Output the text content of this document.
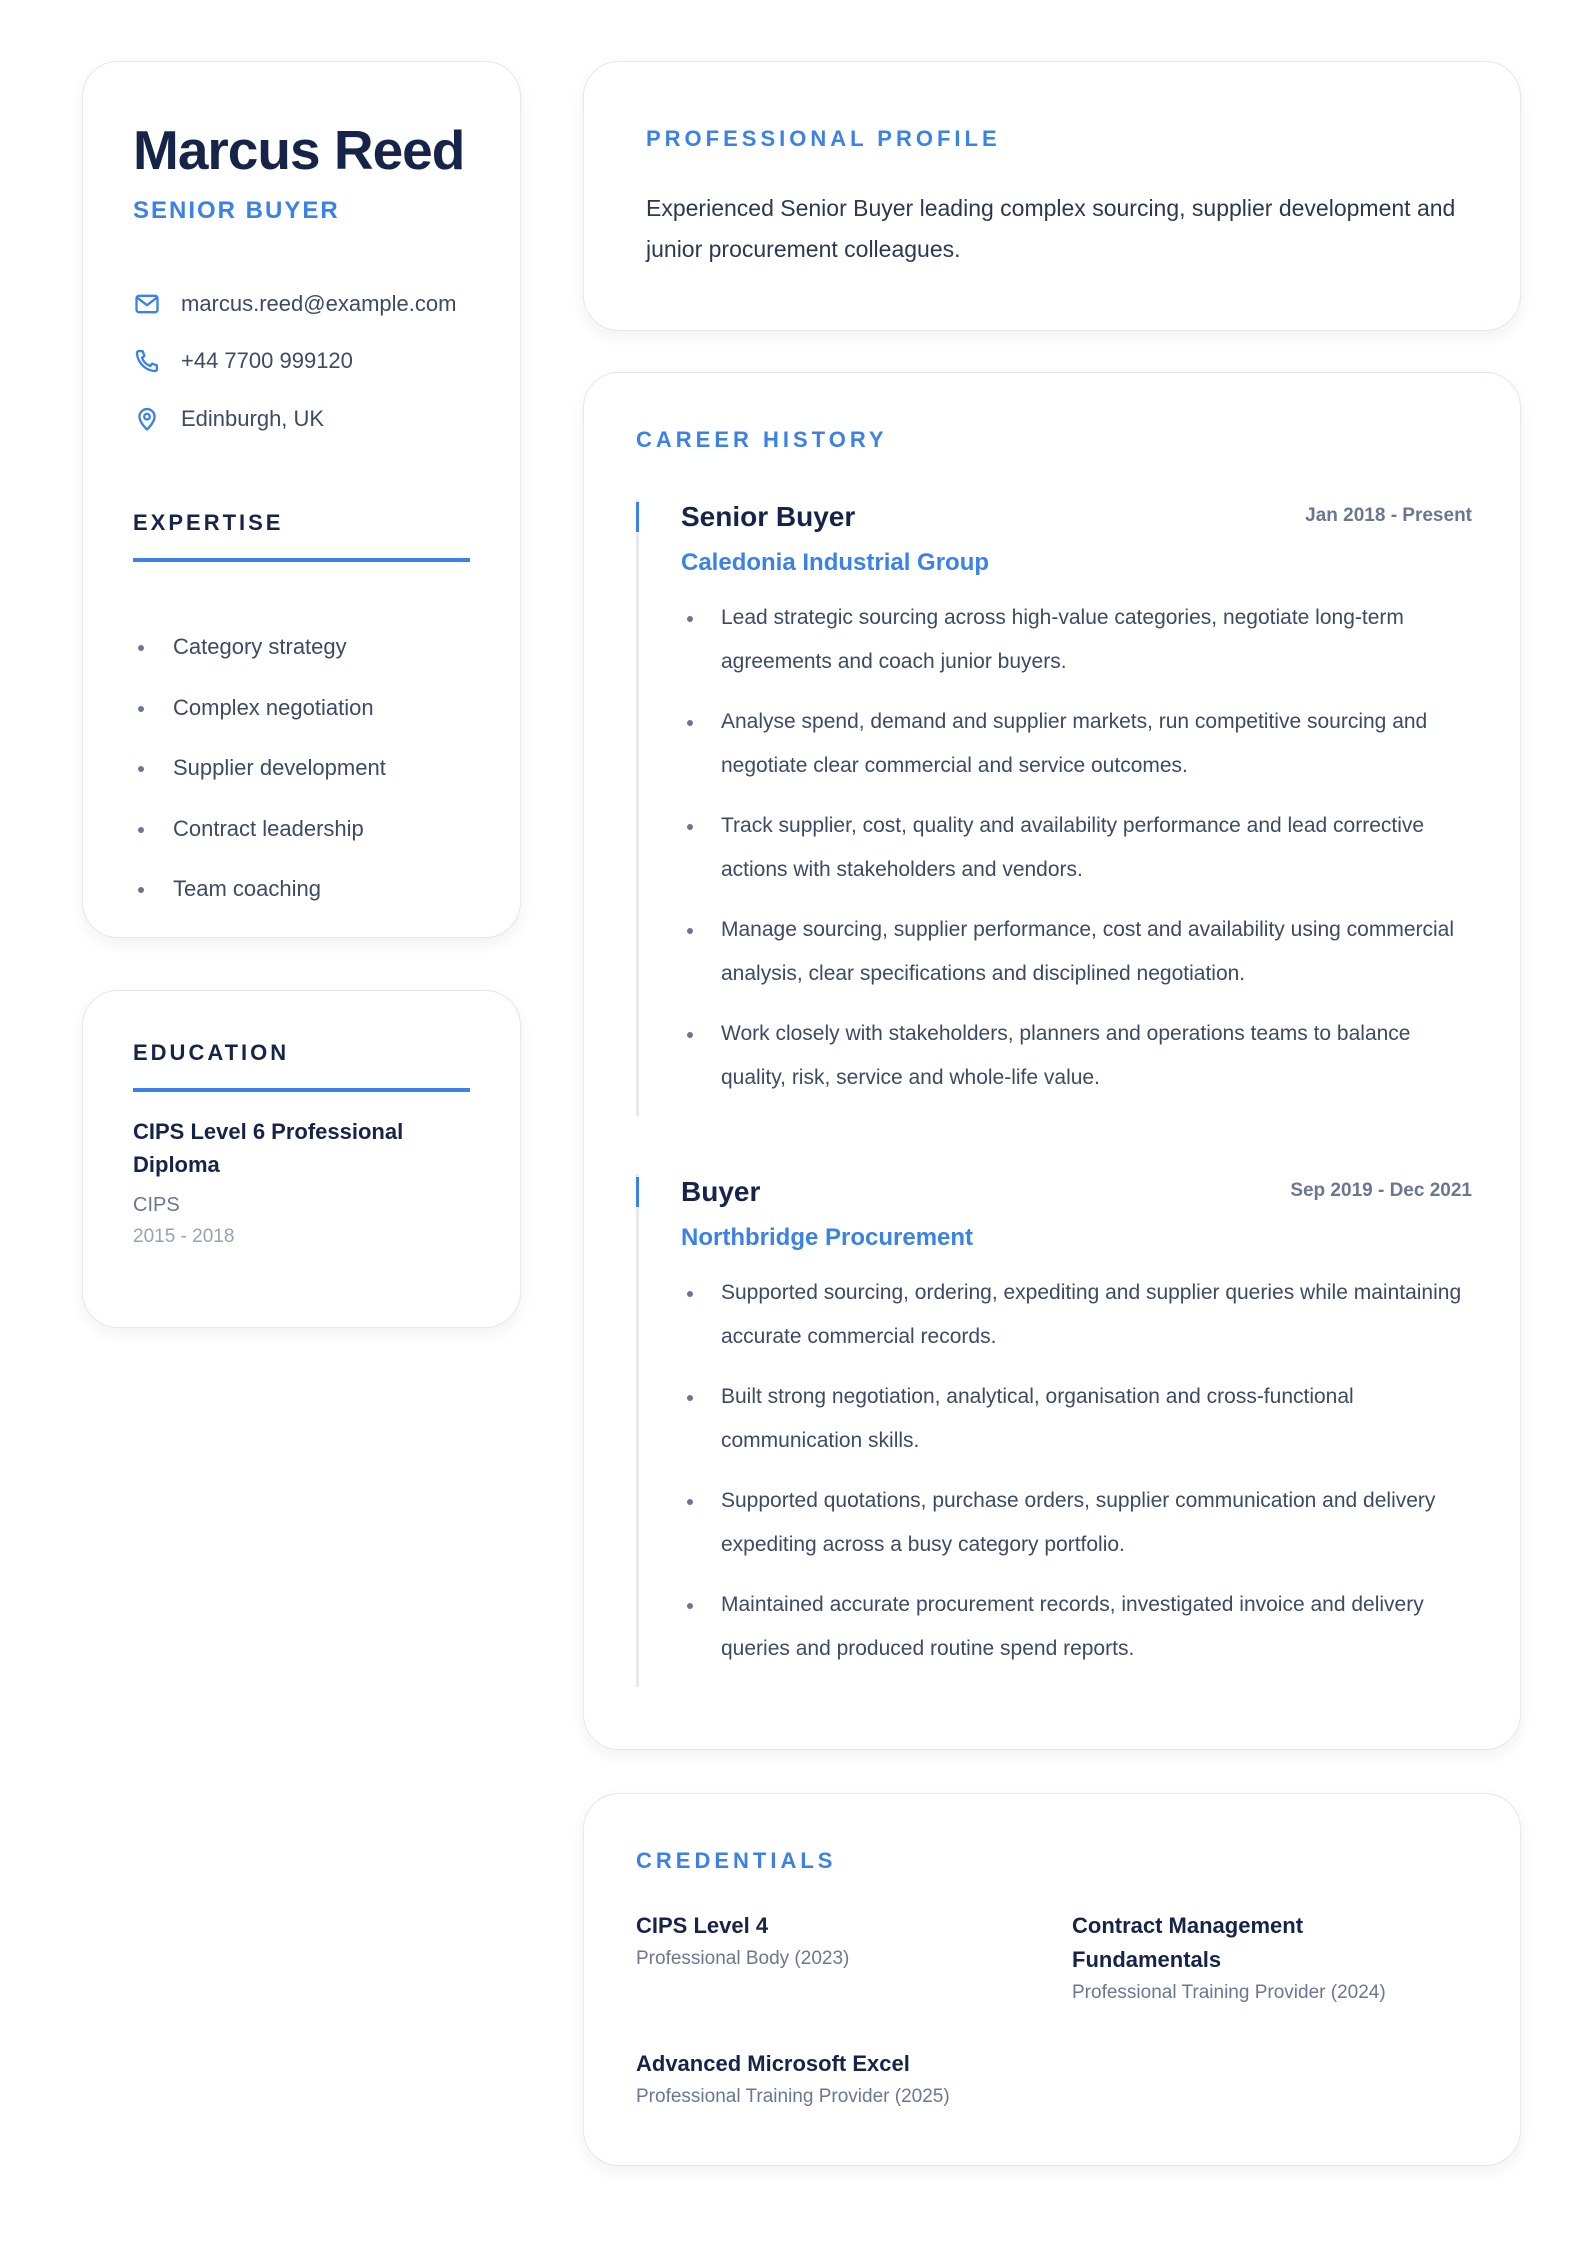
Marcus Reed
SENIOR BUYER
marcus.reed@example.com
+44 7700 999120
Edinburgh, UK
EXPERTISE
Category strategy
Complex negotiation
Supplier development
Contract leadership
Team coaching
EDUCATION
CIPS Level 6 Professional Diploma
CIPS
2015 - 2018
PROFESSIONAL PROFILE

Experienced Senior Buyer leading complex sourcing, supplier development and junior procurement colleagues.

CAREER HISTORY
Senior Buyer	Jan 2018 - Present
Caledonia Industrial Group
Lead strategic sourcing across high-value categories, negotiate long-term agreements and coach junior buyers.
Analyse spend, demand and supplier markets, run competitive sourcing and negotiate clear commercial and service outcomes.
Track supplier, cost, quality and availability performance and lead corrective actions with stakeholders and vendors.
Manage sourcing, supplier performance, cost and availability using commercial analysis, clear specifications and disciplined negotiation.
Work closely with stakeholders, planners and operations teams to balance quality, risk, service and whole-life value.
Buyer	Sep 2019 - Dec 2021
Northbridge Procurement
Supported sourcing, ordering, expediting and supplier queries while maintaining accurate commercial records.
Built strong negotiation, analytical, organisation and cross-functional communication skills.
Supported quotations, purchase orders, supplier communication and delivery expediting across a busy category portfolio.
Maintained accurate procurement records, investigated invoice and delivery queries and produced routine spend reports.
CREDENTIALS
CIPS Level 4
Professional Body (2023)
Contract Management Fundamentals
Professional Training Provider (2024)
Advanced Microsoft Excel
Professional Training Provider (2025)
